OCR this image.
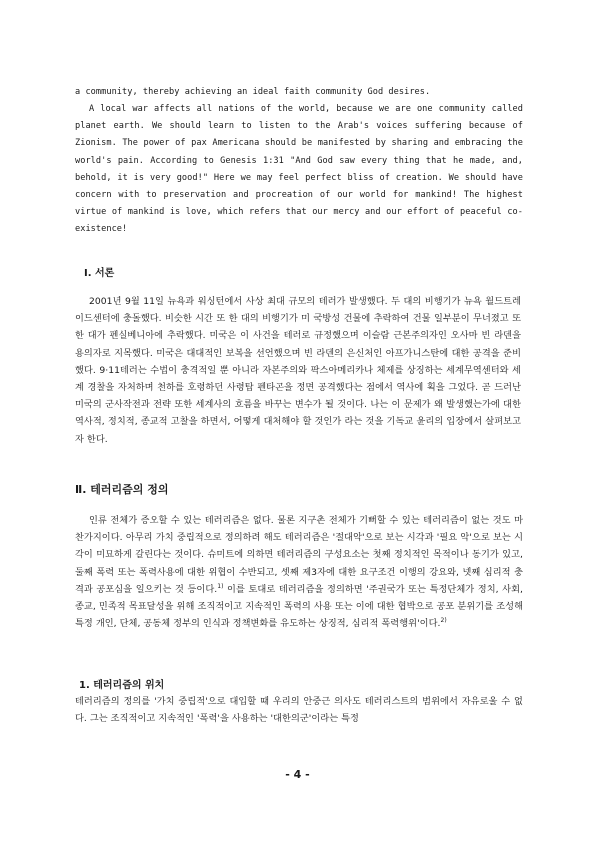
a community, thereby achieving an ideal faith community God desires.

A local war affects all nations of the world, because we are one community called planet earth. We should learn to listen to the Arab's voices suffering because of Zionism. The power of pax Americana should be manifested by sharing and embracing the world's pain. According to Genesis 1:31 "And God saw every thing that he made, and, behold, it is very good!" Here we may feel perfect bliss of creation. We should have concern with to preservation and procreation of our world for mankind! The highest virtue of mankind is love, which refers that our mercy and our effort of peaceful co-existence!

Ⅰ. 서론

2001년 9월 11일 뉴욕과 워싱턴에서 사상 최대 규모의 테러가 발생했다. 두 대의 비행기가 뉴욕 월드트레이드센터에 충돌했다. 비슷한 시간 또 한 대의 비행기가 미 국방성 건물에 추락하여 건물 일부분이 무너졌고 또 한 대가 펜실베니아에 추락했다. 미국은 이 사건을 테러로 규정했으며 이슬람 근본주의자인 오사마 빈 라덴을 용의자로 지목했다. 미국은 대대적인 보복을 선언했으며 빈 라덴의 은신처인 아프가니스탄에 대한 공격을 준비했다. 9·11테러는 수법이 충격적일 뿐 아니라 자본주의와 팍스아메리카나 체제를 상징하는 세계무역센터와 세계 경찰을 자처하며 천하를 호령하던 사령탑 펜타곤을 정면 공격했다는 점에서 역사에 획을 그었다. 곧 드러난 미국의 군사작전과 전략 또한 세계사의 흐름을 바꾸는 변수가 될 것이다. 나는 이 문제가 왜 발생했는가에 대한 역사적, 정치적, 종교적 고찰을 하면서, 어떻게 대처해야 할 것인가 라는 것을 기독교 윤리의 입장에서 살펴보고자 한다.

Ⅱ. 테러리즘의 정의

인류 전체가 증오할 수 있는 테러리즘은 없다. 물론 지구촌 전체가 기뻐할 수 있는 테러리즘이 없는 것도 마찬가지이다. 아무리 가치 중립적으로 정의하려 해도 테러리즘은 '절대악'으로 보는 시각과 '필요 악'으로 보는 시각이 미묘하게 갈린다는 것이다. 슈미트에 의하면 테러리즘의 구성요소는 첫째 정치적인 목적이나 동기가 있고, 둘째 폭력 또는 폭력사용에 대한 위협이 수반되고, 셋째 제3자에 대한 요구조건 이행의 강요와, 넷째 심리적 충격과 공포심을 일으키는 것 등이다.$^{1)}$ 이를 토대로 테러리즘을 정의하면 '주권국가 또는 특정단체가 정치, 사회, 종교, 민족적 목표달성을 위해 조직적이고 지속적인 폭력의 사용 또는 이에 대한 협박으로 공포 분위기를 조성해 특정 개인, 단체, 공동체 정부의 인식과 정책변화를 유도하는 상징적, 심리적 폭력행위'이다.$^{2)}$

1. 테러리즘의 위치

테러리즘의 정의를 '가치 중립적'으로 대입할 때 우리의 안중근 의사도 테러리스트의 범위에서 자유로울 수 없다. 그는 조직적이고 지속적인 '폭력'을 사용하는 '대한의군'이라는 특정

- 4 -
